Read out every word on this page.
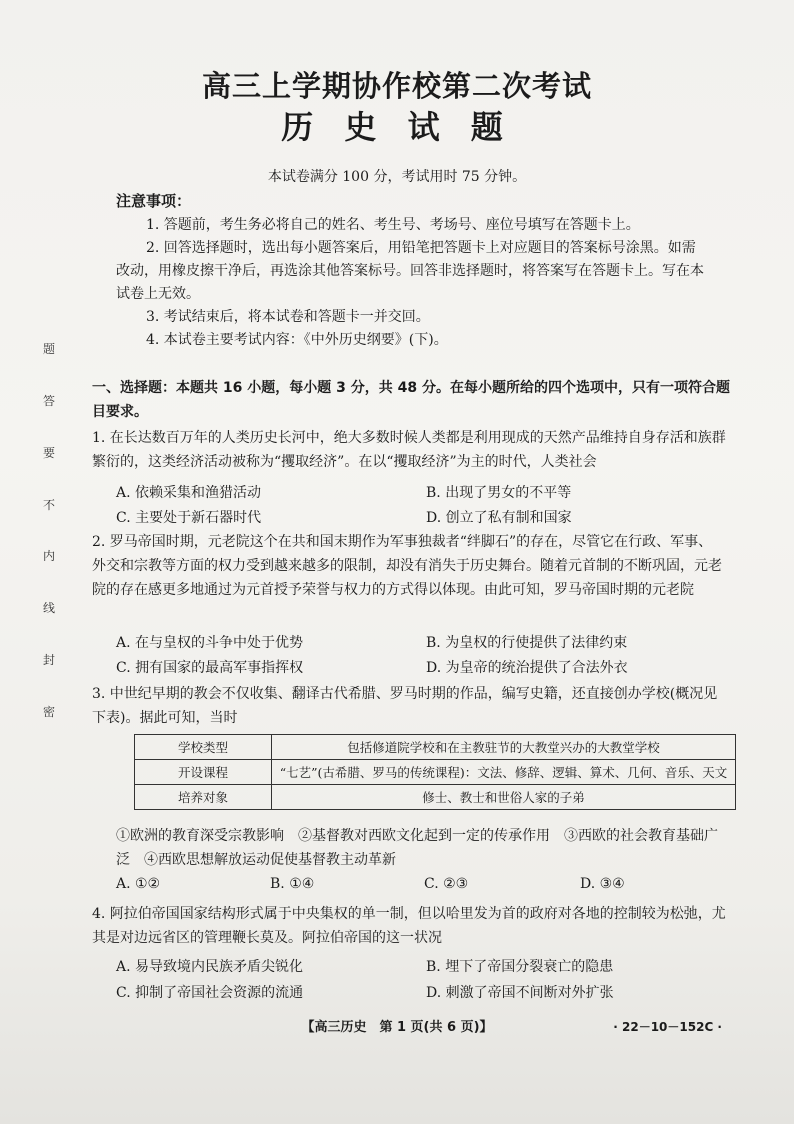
题
答
要
不
内
线
封
密
高三上学期协作校第二次考试
历 史 试 题
本试卷满分 100 分，考试用时 75 分钟。
注意事项：
1. 答题前，考生务必将自己的姓名、考生号、考场号、座位号填写在答题卡上。
2. 回答选择题时，选出每小题答案后，用铅笔把答题卡上对应题目的答案标号涂黑。如需改动，用橡皮擦干净后，再选涂其他答案标号。回答非选择题时，将答案写在答题卡上。写在本试卷上无效。
3. 考试结束后，将本试卷和答题卡一并交回。
4. 本试卷主要考试内容：《中外历史纲要》(下)。
一、选择题：本题共 16 小题，每小题 3 分，共 48 分。在每小题所给的四个选项中，只有一项符合题目要求。
1. 在长达数百万年的人类历史长河中，绝大多数时候人类都是利用现成的天然产品维持自身存活和族群繁衍的，这类经济活动被称为“攫取经济”。在以“攫取经济”为主的时代，人类社会
A. 依赖采集和渔猎活动	B. 出现了男女的不平等
C. 主要处于新石器时代	D. 创立了私有制和国家
2. 罗马帝国时期，元老院这个在共和国末期作为军事独裁者“绊脚石”的存在，尽管它在行政、军事、外交和宗教等方面的权力受到越来越多的限制，却没有消失于历史舞台。随着元首制的不断巩固，元老院的存在感更多地通过为元首授予荣誉与权力的方式得以体现。由此可知，罗马帝国时期的元老院
A. 在与皇权的斗争中处于优势	B. 为皇权的行使提供了法律约束
C. 拥有国家的最高军事指挥权	D. 为皇帝的统治提供了合法外衣
3. 中世纪早期的教会不仅收集、翻译古代希腊、罗马时期的作品，编写史籍，还直接创办学校(概况见下表)。据此可知，当时
学校类型	包括修道院学校和在主教驻节的大教堂兴办的大教堂学校
开设课程	“七艺”(古希腊、罗马的传统课程)：文法、修辞、逻辑、算术、几何、音乐、天文
培养对象	修士、教士和世俗人家的子弟
①欧洲的教育深受宗教影响　②基督教对西欧文化起到一定的传承作用　③西欧的社会教育基础广泛　④西欧思想解放运动促使基督教主动革新
A. ①②	B. ①④	C. ②③	D. ③④
4. 阿拉伯帝国国家结构形式属于中央集权的单一制，但以哈里发为首的政府对各地的控制较为松弛，尤其是对边远省区的管理鞭长莫及。阿拉伯帝国的这一状况
A. 易导致境内民族矛盾尖锐化	B. 埋下了帝国分裂衰亡的隐患
C. 抑制了帝国社会资源的流通	D. 刺激了帝国不间断对外扩张
【高三历史　第 1 页(共 6 页)】	· 22－10－152C ·
